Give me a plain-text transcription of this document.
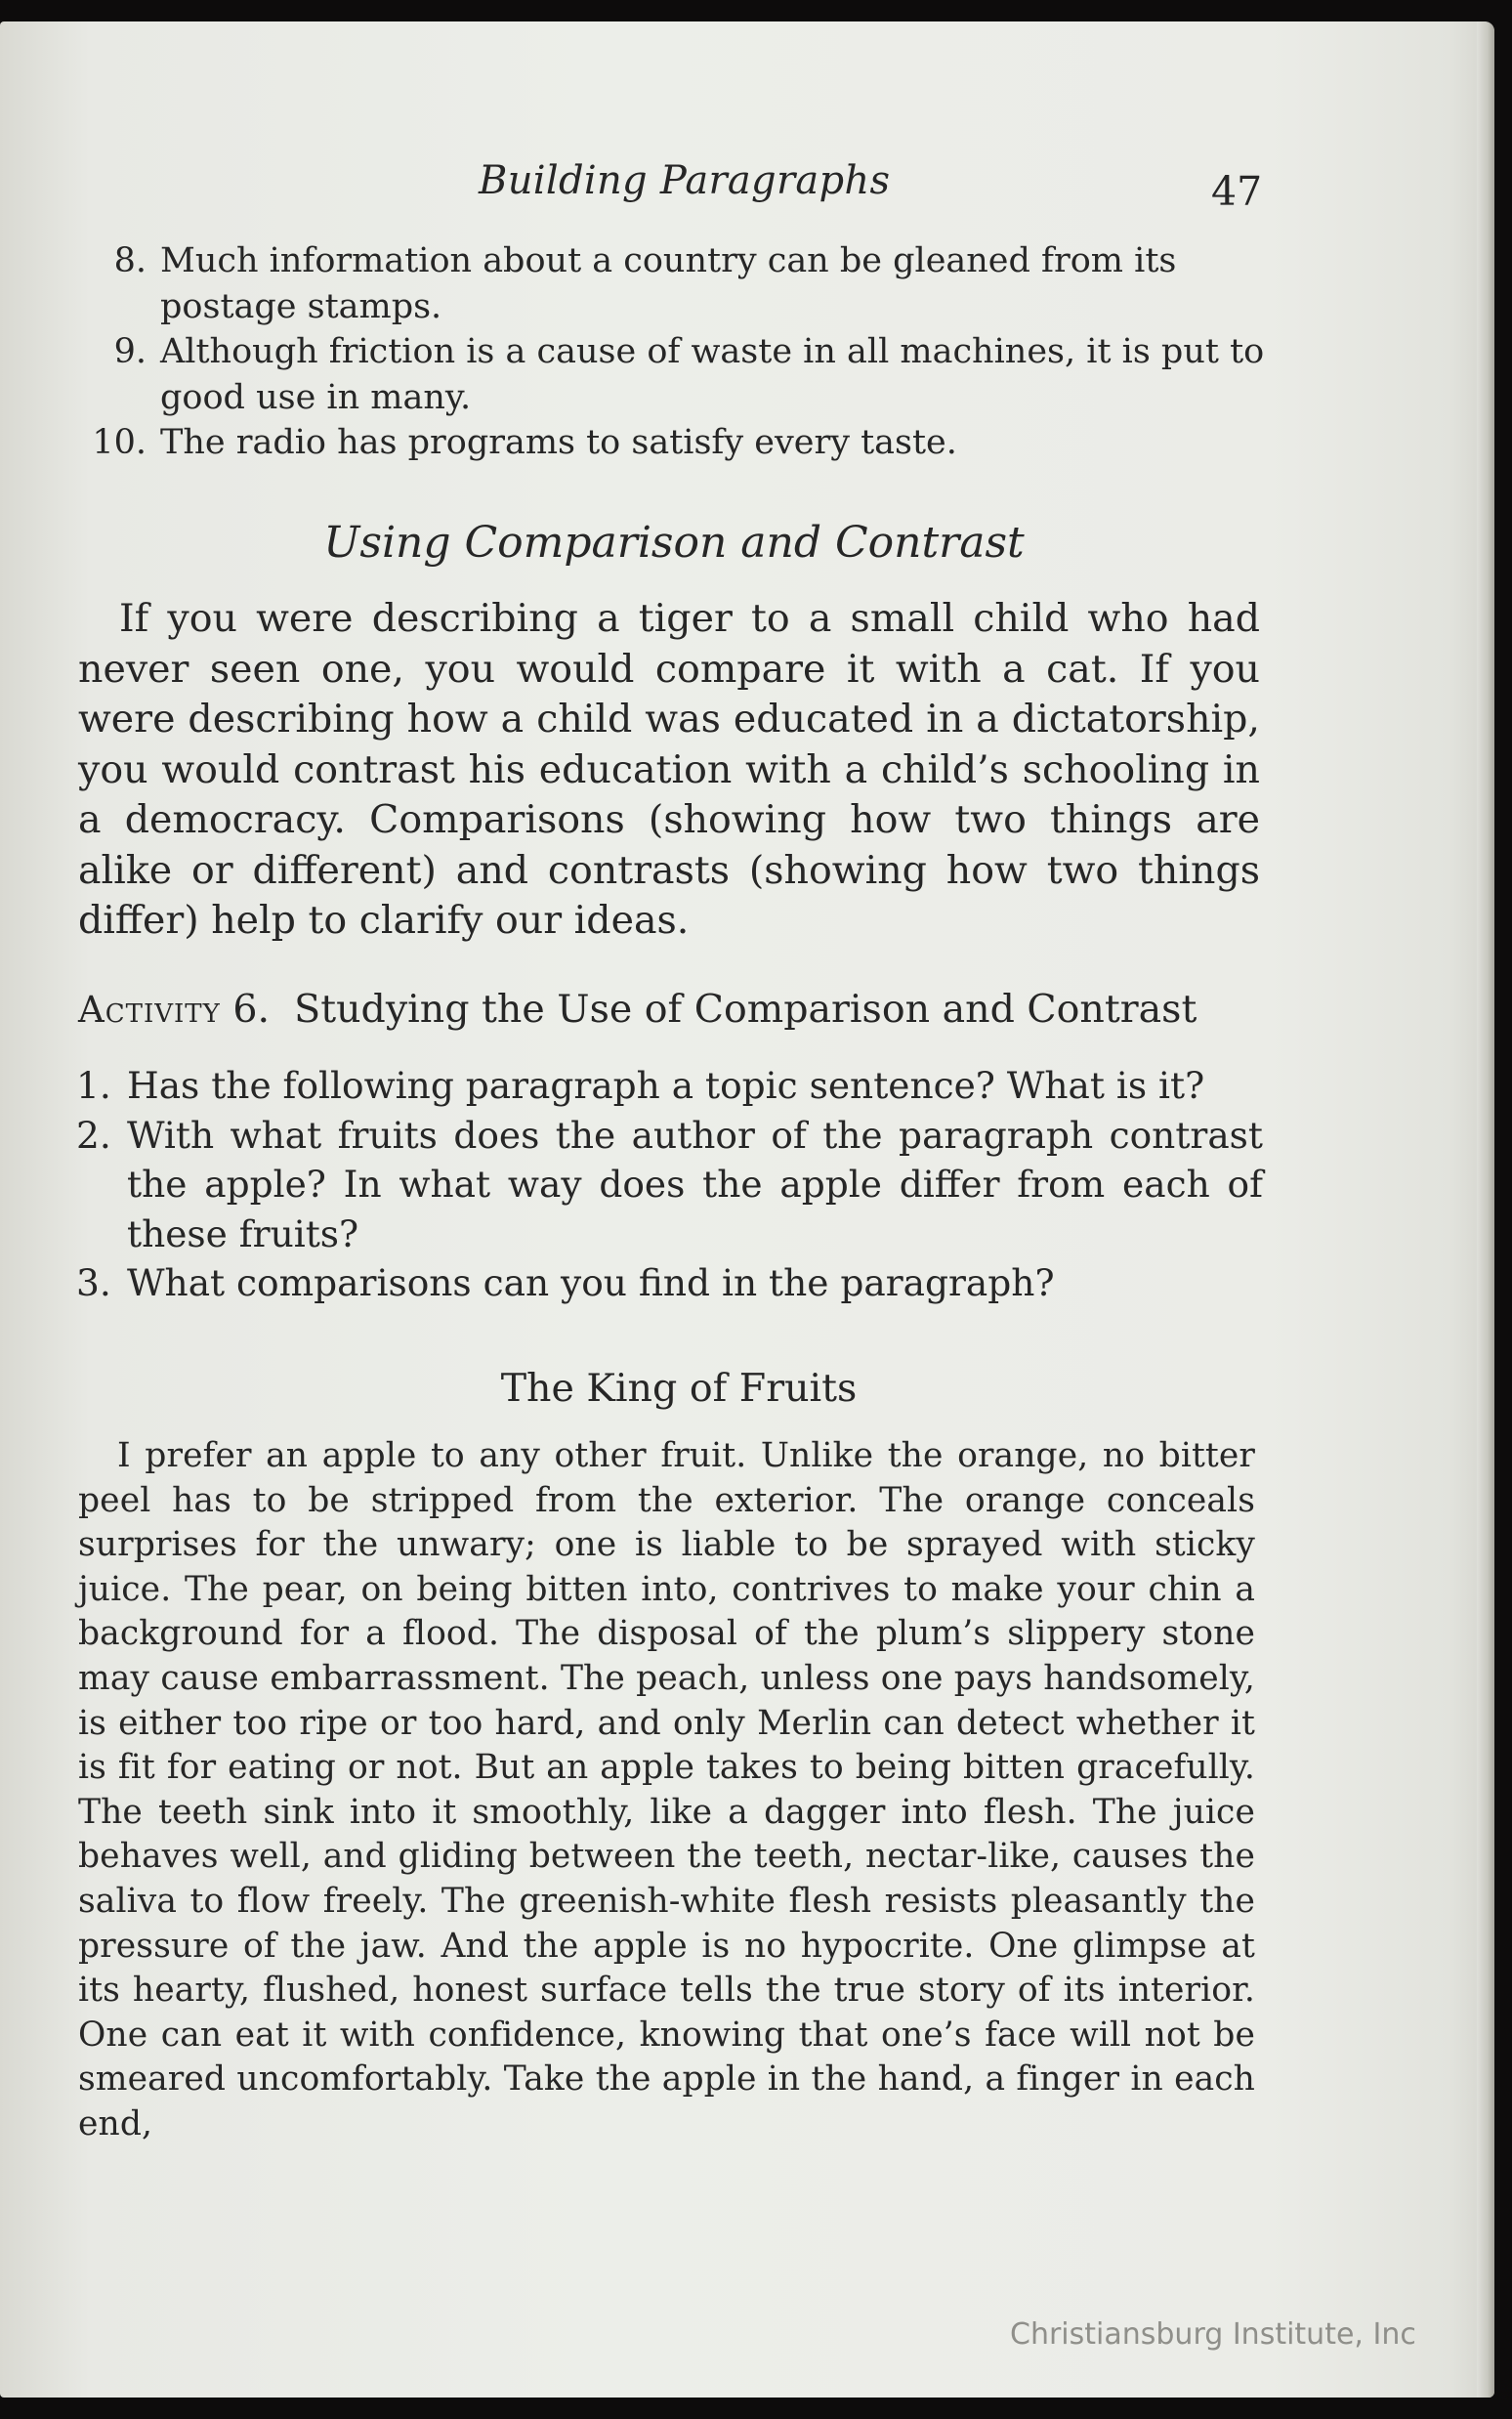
Building Paragraphs	47
8. Much information about a country can be gleaned from its postage stamps.
9. Although friction is a cause of waste in all machines, it is put to good use in many.
10. The radio has programs to satisfy every taste.
Using Comparison and Contrast
If you were describing a tiger to a small child who had never seen one, you would compare it with a cat. If you were describing how a child was educated in a dictatorship, you would contrast his education with a child’s schooling in a democracy. Comparisons (showing how two things are alike or different) and contrasts (showing how two things differ) help to clarify our ideas.
Activity 6. Studying the Use of Comparison and Contrast
1. Has the following paragraph a topic sentence? What is it?
2. With what fruits does the author of the paragraph contrast the apple? In what way does the apple differ from each of these fruits?
3. What comparisons can you find in the paragraph?
The King of Fruits
I prefer an apple to any other fruit. Unlike the orange, no bitter peel has to be stripped from the exterior. The orange conceals surprises for the unwary; one is liable to be sprayed with sticky juice. The pear, on being bitten into, contrives to make your chin a background for a flood. The disposal of the plum’s slippery stone may cause embarrassment. The peach, unless one pays handsomely, is either too ripe or too hard, and only Merlin can detect whether it is fit for eating or not. But an apple takes to being bitten gracefully. The teeth sink into it smoothly, like a dagger into flesh. The juice behaves well, and gliding between the teeth, nectar-like, causes the saliva to flow freely. The greenish-white flesh resists pleasantly the pressure of the jaw. And the apple is no hypocrite. One glimpse at its hearty, flushed, honest surface tells the true story of its interior. One can eat it with confidence, knowing that one’s face will not be smeared uncomfortably. Take the apple in the hand, a finger in each end,
Christiansburg Institute, Inc
